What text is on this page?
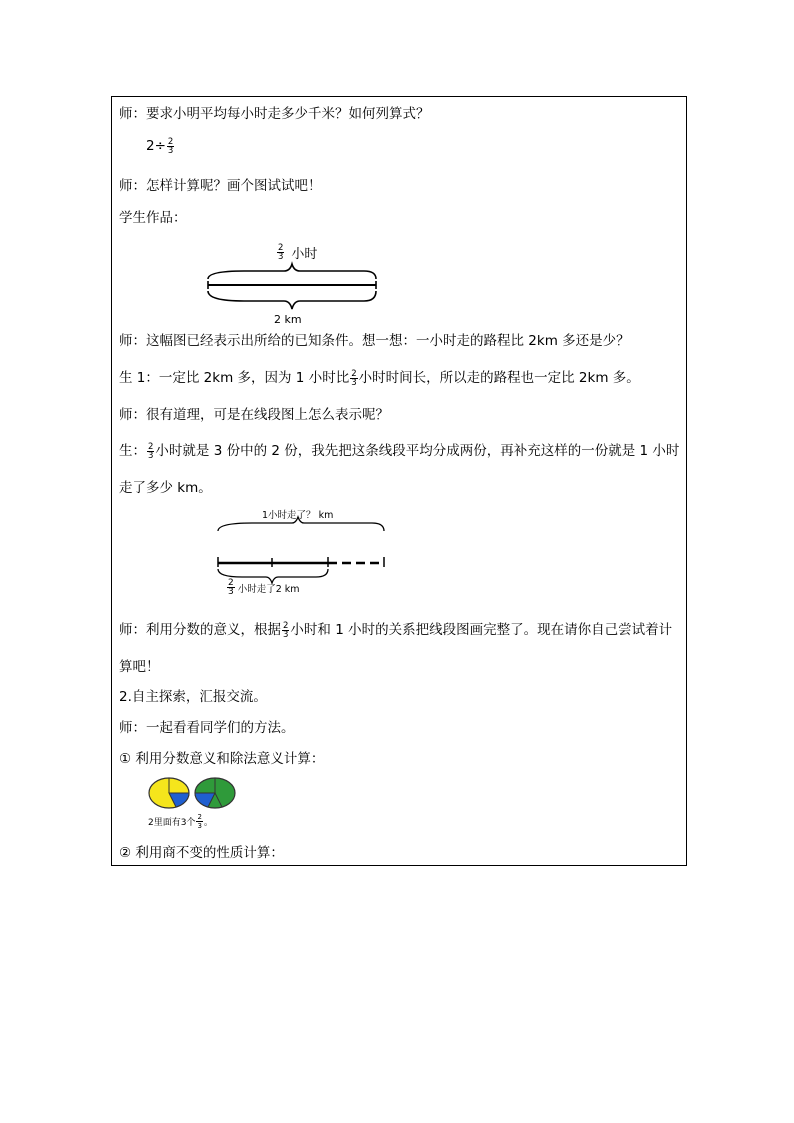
师：要求小明平均每小时走多少千米？如何列算式？
$2\div \frac{2}{3}$
师：怎样计算呢？画个图试试吧！
学生作品：
$\frac{2}{3}$ 小时
2 km
师：这幅图已经表示出所给的已知条件。想一想：一小时走的路程比 2km 多还是少？
生 1：一定比 2km 多，因为 1 小时比 $\frac{2}{3}$ 小时时间长，所以走的路程也一定比 2km 多。
师：很有道理，可是在线段图上怎么表示呢？
生： $\frac{2}{3}$ 小时就是 3 份中的 2 份，我先把这条线段平均分成两份，再补充这样的一份就是 1 小时
走了多少 km。
1小时走了？ km
$\frac{2}{3}$ 小时走了2 km
师：利用分数的意义，根据 $\frac{2}{3}$ 小时和 1 小时的关系把线段图画完整了。现在请你自己尝试着计
算吧！
2.自主探索，汇报交流。
师：一起看看同学们的方法。
① 利用分数意义和除法意义计算：
2里面有3个 $\frac{2}{3}$ 。
② 利用商不变的性质计算：
